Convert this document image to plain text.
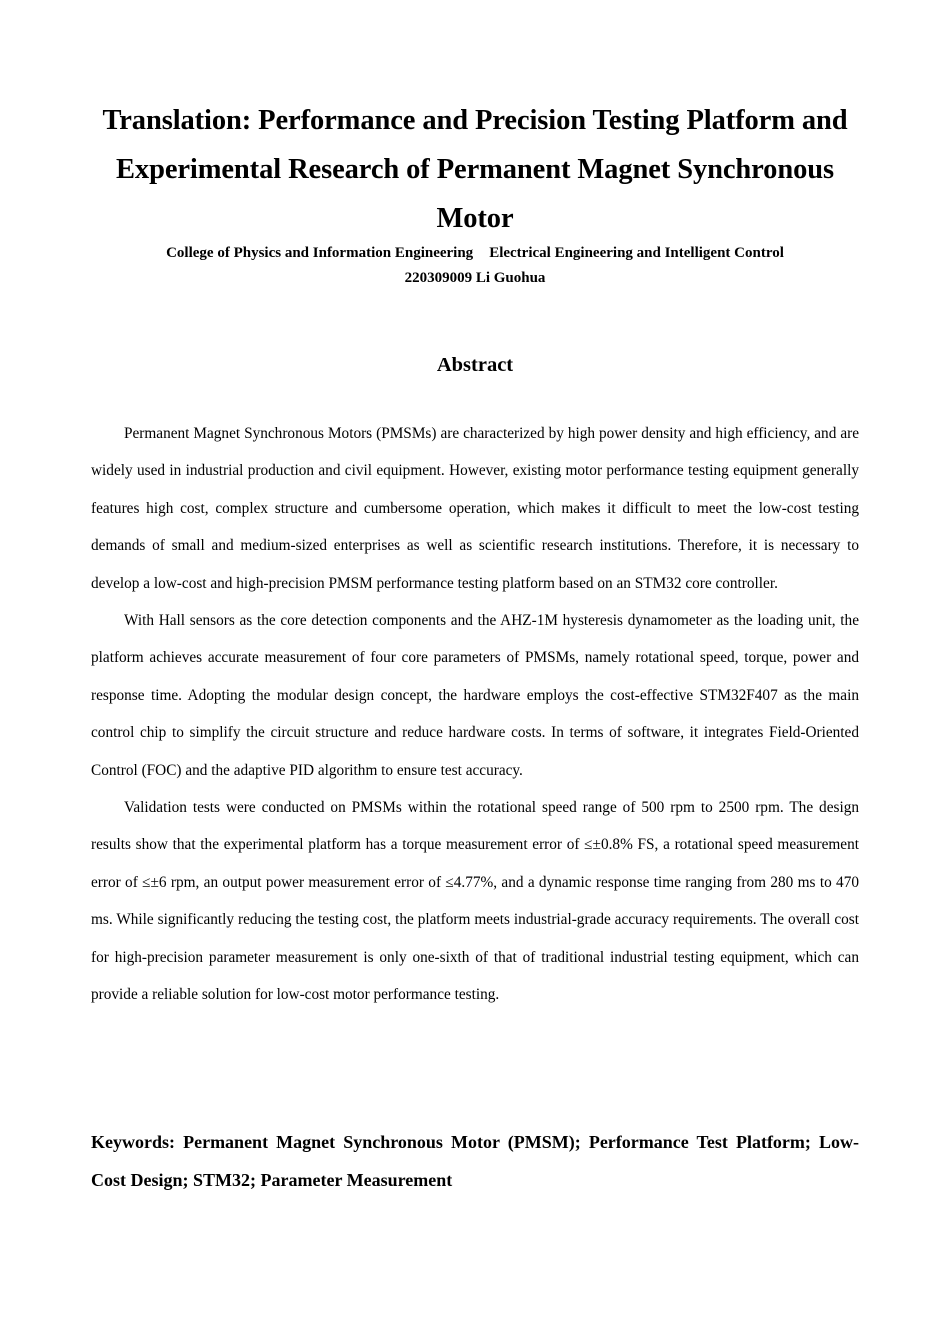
Translation: Performance and Precision Testing Platform and Experimental Research of Permanent Magnet Synchronous Motor
College of Physics and Information Engineering Electrical Engineering and Intelligent Control
220309009 Li Guohua
Abstract

Permanent Magnet Synchronous Motors (PMSMs) are characterized by high power density and high efficiency, and are widely used in industrial production and civil equipment. However, existing motor performance testing equipment generally features high cost, complex structure and cumbersome operation, which makes it difficult to meet the low-cost testing demands of small and medium-sized enterprises as well as scientific research institutions. Therefore, it is necessary to develop a low-cost and high-precision PMSM performance testing platform based on an STM32 core controller.

With Hall sensors as the core detection components and the AHZ-1M hysteresis dynamometer as the loading unit, the platform achieves accurate measurement of four core parameters of PMSMs, namely rotational speed, torque, power and response time. Adopting the modular design concept, the hardware employs the cost-effective STM32F407 as the main control chip to simplify the circuit structure and reduce hardware costs. In terms of software, it integrates Field-Oriented Control (FOC) and the adaptive PID algorithm to ensure test accuracy.

Validation tests were conducted on PMSMs within the rotational speed range of 500 rpm to 2500 rpm. The design results show that the experimental platform has a torque measurement error of ≤±0.8% FS, a rotational speed measurement error of ≤±6 rpm, an output power measurement error of ≤4.77%, and a dynamic response time ranging from 280 ms to 470 ms. While significantly reducing the testing cost, the platform meets industrial-grade accuracy requirements. The overall cost for high-precision parameter measurement is only one-sixth of that of traditional industrial testing equipment, which can provide a reliable solution for low-cost motor performance testing.

Keywords: Permanent Magnet Synchronous Motor (PMSM); Performance Test Platform; Low-Cost Design; STM32; Parameter Measurement
